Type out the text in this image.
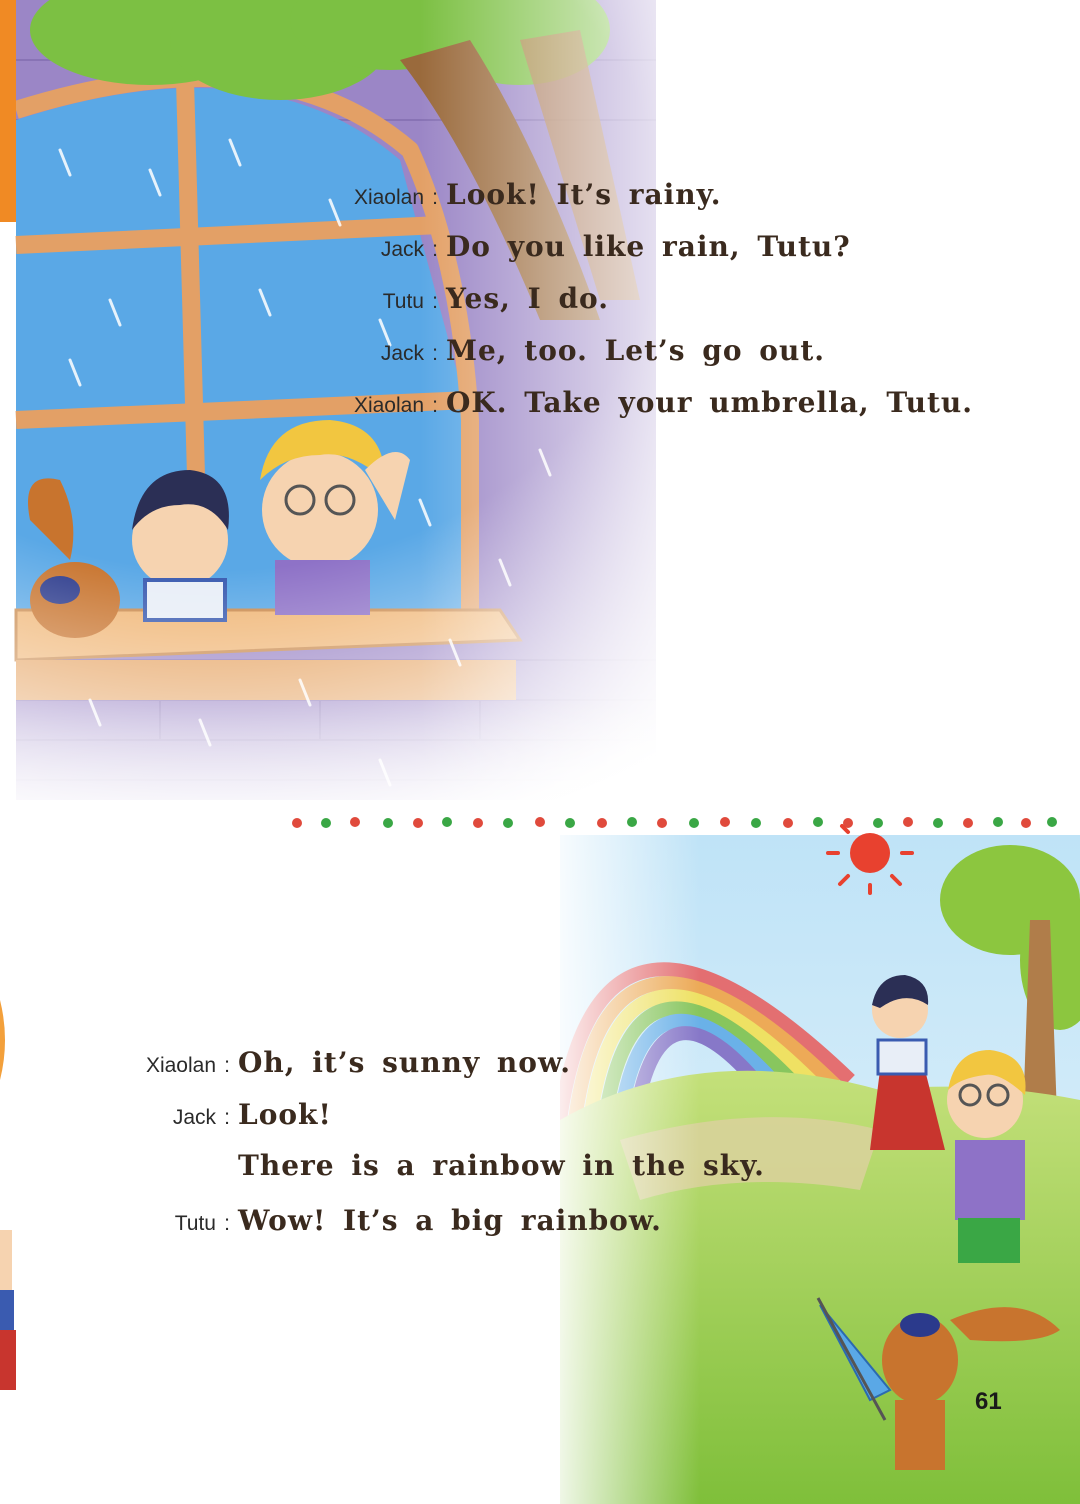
Xiaolan : Look! It’s rainy.
Jack : Do you like rain, Tutu?
Tutu : Yes, I do.
Jack : Me, too. Let’s go out.
Xiaolan : OK. Take your umbrella, Tutu.
Xiaolan : Oh, it’s sunny now.
Jack : Look!
There is a rainbow in the sky.
Tutu : Wow! It’s a big rainbow.
61
